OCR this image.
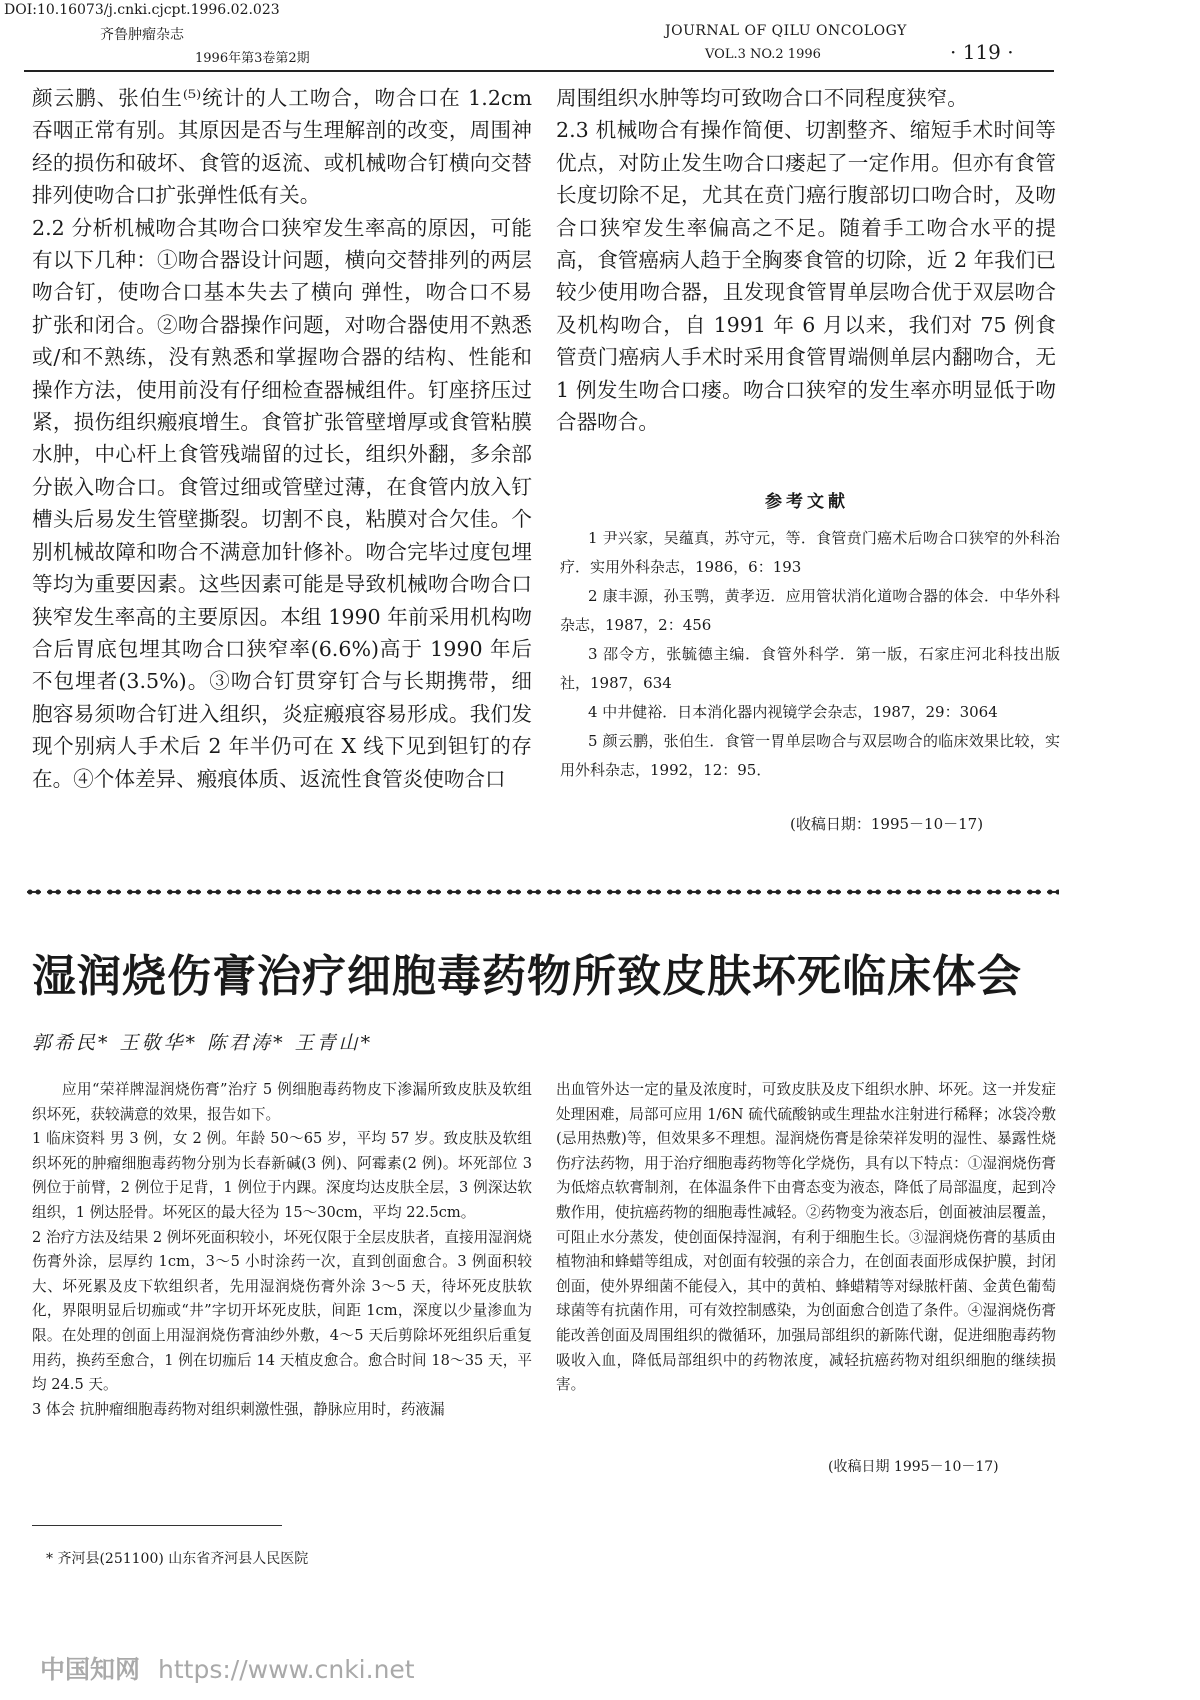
DOI:10.16073/j.cnki.cjcpt.1996.02.023
齐鲁肿瘤杂志
1996年第3卷第2期
JOURNAL OF QILU ONCOLOGY
VOL.3 NO.2 1996	· 119 ·

颜云鹏、张伯生⁽⁵⁾统计的人工吻合，吻合口在 1.2cm 吞咽正常有别。其原因是否与生理解剖的改变，周围神经的损伤和破坏、食管的返流、或机械吻合钉横向交替排列使吻合口扩张弹性低有关。

2.2 分析机械吻合其吻合口狭窄发生率高的原因，可能有以下几种：①吻合器设计问题，横向交替排列的两层吻合钉，使吻合口基本失去了横向 弹性，吻合口不易扩张和闭合。②吻合器操作问题，对吻合器使用不熟悉或/和不熟练，没有熟悉和掌握吻合器的结构、性能和操作方法，使用前没有仔细检查器械组件。钉座挤压过紧，损伤组织瘢痕增生。食管扩张管壁增厚或食管粘膜水肿，中心杆上食管残端留的过长，组织外翻，多余部分嵌入吻合口。食管过细或管壁过薄，在食管内放入钉槽头后易发生管壁撕裂。切割不良，粘膜对合欠佳。个别机械故障和吻合不满意加针修补。吻合完毕过度包埋等均为重要因素。这些因素可能是导致机械吻合吻合口狭窄发生率高的主要原因。本组 1990 年前采用机构吻合后胃底包埋其吻合口狭窄率(6.6%)高于 1990 年后不包埋者(3.5%)。③吻合钉贯穿钉合与长期携带，细胞容易须吻合钉进入组织，炎症瘢痕容易形成。我们发现个别病人手术后 2 年半仍可在 X 线下见到钽钉的存在。④个体差异、瘢痕体质、返流性食管炎使吻合口

周围组织水肿等均可致吻合口不同程度狭窄。

2.3 机械吻合有操作简便、切割整齐、缩短手术时间等优点，对防止发生吻合口瘘起了一定作用。但亦有食管长度切除不足，尤其在贲门癌行腹部切口吻合时，及吻合口狭窄发生率偏高之不足。随着手工吻合水平的提高，食管癌病人趋于全胸麥食管的切除，近 2 年我们已较少使用吻合器，且发现食管胃单层吻合优于双层吻合及机构吻合，自 1991 年 6 月以来，我们对 75 例食管贲门癌病人手术时采用食管胃端侧单层内翻吻合，无 1 例发生吻合口瘘。吻合口狭窄的发生率亦明显低于吻合器吻合。

参考文献

1 尹兴家，吴蕴真，苏守元，等．食管贲门癌术后吻合口狭窄的外科治疗．实用外科杂志，1986，6：193

2 康丰源，孙玉鹗，黄孝迈．应用管状消化道吻合器的体会．中华外科杂志，1987，2：456

3 邵令方，张毓德主编．食管外科学．第一版，石家庄河北科技出版社，1987，634

4 中井健裕．日本消化器内视镜学会杂志，1987，29：3064

5 颜云鹏，张伯生．食管一胃单层吻合与双层吻合的临床效果比较，实用外科杂志，1992，12：95．

(收稿日期：1995－10－17)
湿润烧伤膏治疗细胞毒药物所致皮肤坏死临床体会
郭希民* 王敬华* 陈君涛* 王青山*

应用“荣祥牌湿润烧伤膏”治疗 5 例细胞毒药物皮下渗漏所致皮肤及软组织坏死，获较满意的效果，报告如下。

1 临床资料 男 3 例，女 2 例。年龄 50～65 岁，平均 57 岁。致皮肤及软组织坏死的肿瘤细胞毒药物分别为长春新碱(3 例)、阿霉素(2 例)。坏死部位 3 例位于前臂，2 例位于足背，1 例位于内踝。深度均达皮肤全层，3 例深达软组织，1 例达胫骨。坏死区的最大径为 15～30cm，平均 22.5cm。

2 治疗方法及结果 2 例坏死面积较小，坏死仅限于全层皮肤者，直接用湿润烧伤膏外涂，层厚约 1cm，3～5 小时涂药一次，直到创面愈合。3 例面积较大、坏死累及皮下软组织者，先用湿润烧伤膏外涂 3～5 天，待坏死皮肤软化，界限明显后切痂或“井”字切开坏死皮肤，间距 1cm，深度以少量渗血为限。在处理的创面上用湿润烧伤膏油纱外敷，4～5 天后剪除坏死组织后重复用药，换药至愈合，1 例在切痂后 14 天植皮愈合。愈合时间 18～35 天，平均 24.5 天。

3 体会 抗肿瘤细胞毒药物对组织刺激性强，静脉应用时，药液漏

出血管外达一定的量及浓度时，可致皮肤及皮下组织水肿、坏死。这一并发症处理困难，局部可应用 1/6N 硫代硫酸钠或生理盐水注射进行稀释；冰袋冷敷(忌用热敷)等，但效果多不理想。湿润烧伤膏是徐荣祥发明的湿性、暴露性烧伤疗法药物，用于治疗细胞毒药物等化学烧伤，具有以下特点：①湿润烧伤膏为低熔点软膏制剂，在体温条件下由膏态变为液态，降低了局部温度，起到冷敷作用，使抗癌药物的细胞毒性减轻。②药物变为液态后，创面被油层覆盖，可阻止水分蒸发，使创面保持湿润，有利于细胞生长。③湿润烧伤膏的基质由植物油和蜂蜡等组成，对创面有较强的亲合力，在创面表面形成保护膜，封闭创面，使外界细菌不能侵入，其中的黄柏、蜂蜡精等对绿脓杆菌、金黄色葡萄球菌等有抗菌作用，可有效控制感染，为创面愈合创造了条件。④湿润烧伤膏能改善创面及周围组织的微循环，加强局部组织的新陈代谢，促进细胞毒药物吸收入血，降低局部组织中的药物浓度，减轻抗癌药物对组织细胞的继续损害。

(收稿日期 1995－10－17)
* 齐河县(251100) 山东省齐河县人民医院
中国知网 https://www.cnki.net
